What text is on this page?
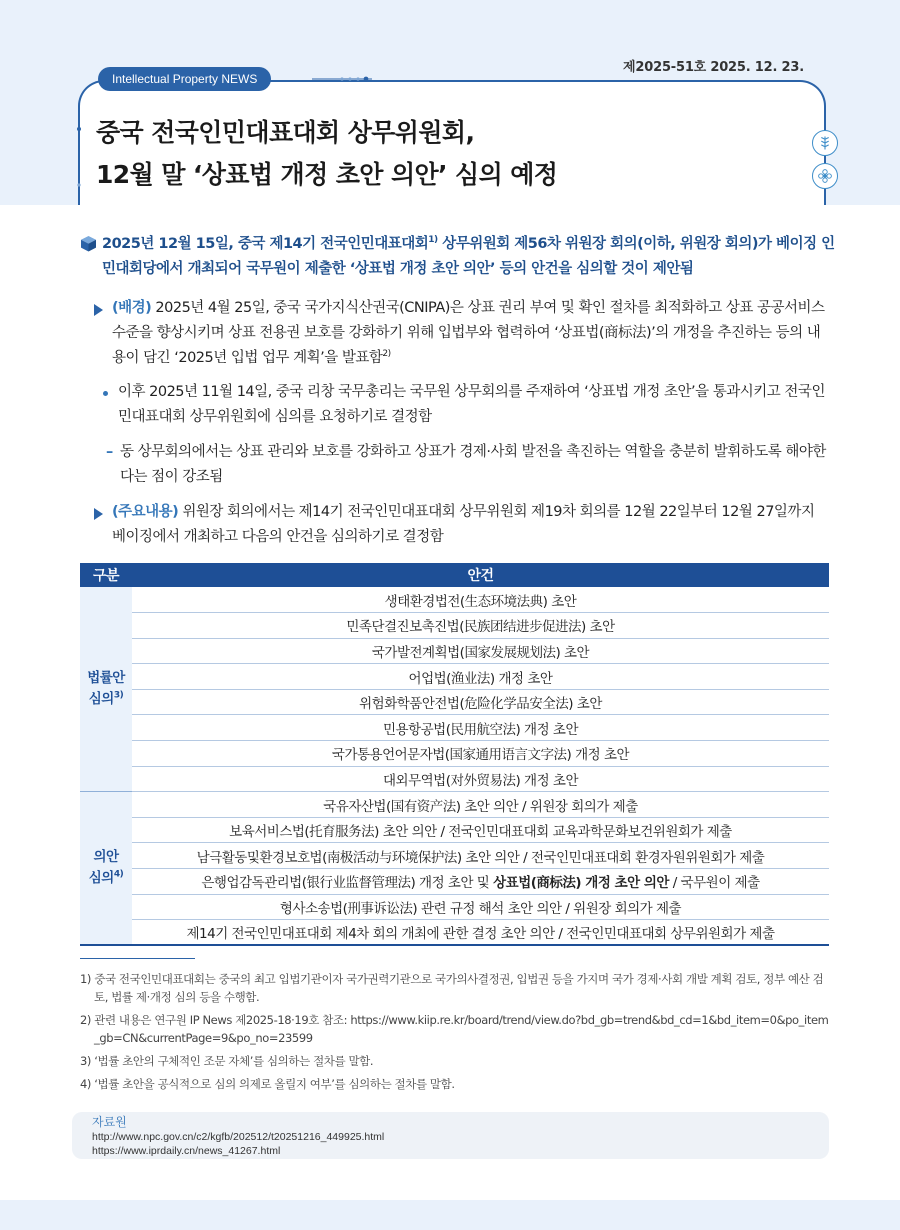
제2025-51호 2025. 12. 23.
Intellectual Property NEWS
중국 전국인민대표대회 상무위원회,
12월 말 ‘상표법 개정 초안 의안’ 심의 예정

2025년 12월 15일, 중국 제14기 전국인민대표대회$^{1)}$ 상무위원회 제56차 위원장 회의(이하, 위원장 회의)가 베이징 인민대회당에서 개최되어 국무원이 제출한 ‘상표법 개정 초안 의안’ 등의 안건을 심의할 것이 제안됨

(배경) 2025년 4월 25일, 중국 국가지식산권국(CNIPA)은 상표 권리 부여 및 확인 절차를 최적화하고 상표 공공서비스 수준을 향상시키며 상표 전용권 보호를 강화하기 위해 입법부와 협력하여 ‘상표법(商标法)’의 개정을 추진하는 등의 내용이 담긴 ‘2025년 입법 업무 계획’을 발표함$^{2)}$
이후 2025년 11월 14일, 중국 리창 국무총리는 국무원 상무회의를 주재하여 ‘상표법 개정 초안’을 통과시키고 전국인민대표대회 상무위원회에 심의를 요청하기로 결정함
– 동 상무회의에서는 상표 관리와 보호를 강화하고 상표가 경제·사회 발전을 촉진하는 역할을 충분히 발휘하도록 해야한다는 점이 강조됨
(주요내용) 위원장 회의에서는 제14기 전국인민대표대회 상무위원회 제19차 회의를 12월 22일부터 12월 27일까지 베이징에서 개최하고 다음의 안건을 심의하기로 결정함
구분	안건
법률안
심의$^{3)}$	생태환경법전(生态环境法典) 초안
	민족단결진보촉진법(民族团结进步促进法) 초안
	국가발전계획법(国家发展规划法) 초안
	어업법(渔业法) 개정 초안
	위험화학품안전법(危险化学品安全法) 초안
	민용항공법(民用航空法) 개정 초안
	국가통용언어문자법(国家通用语言文字法) 개정 초안
	대외무역법(对外贸易法) 개정 초안
의안
심의$^{4)}$	국유자산법(国有资产法) 초안 의안 / 위원장 회의가 제출
	보육서비스법(托育服务法) 초안 의안 / 전국인민대표대회 교육과학문화보건위원회가 제출
	남극활동및환경보호법(南极活动与环境保护法) 초안 의안 / 전국인민대표대회 환경자원위원회가 제출
	은행업감독관리법(银行业监督管理法) 개정 초안 및 상표법(商标法) 개정 초안 의안 / 국무원이 제출
	형사소송법(刑事诉讼法) 관련 규정 해석 초안 의안 / 위원장 회의가 제출
	제14기 전국인민대표대회 제4차 회의 개최에 관한 결정 초안 의안 / 전국인민대표대회 상무위원회가 제출
1) 중국 전국인민대표대회는 중국의 최고 입법기관이자 국가권력기관으로 국가의사결정권, 입법권 등을 가지며 국가 경제·사회 개발 계획 검토, 정부 예산 검토, 법률 제·개정 심의 등을 수행함.
2) 관련 내용은 연구원 IP News 제2025-18·19호 참조: https://www.kiip.re.kr/board/trend/view.do?bd_gb=trend&bd_cd=1&bd_item=0&po_item_gb=CN&currentPage=9&po_no=23599
3) ‘법률 초안의 구체적인 조문 자체’를 심의하는 절차를 말함.
4) ‘법률 초안을 공식적으로 심의 의제로 올릴지 여부’를 심의하는 절차를 말함.
자료원
http://www.npc.gov.cn/c2/kgfb/202512/t20251216_449925.html
https://www.iprdaily.cn/news_41267.html
